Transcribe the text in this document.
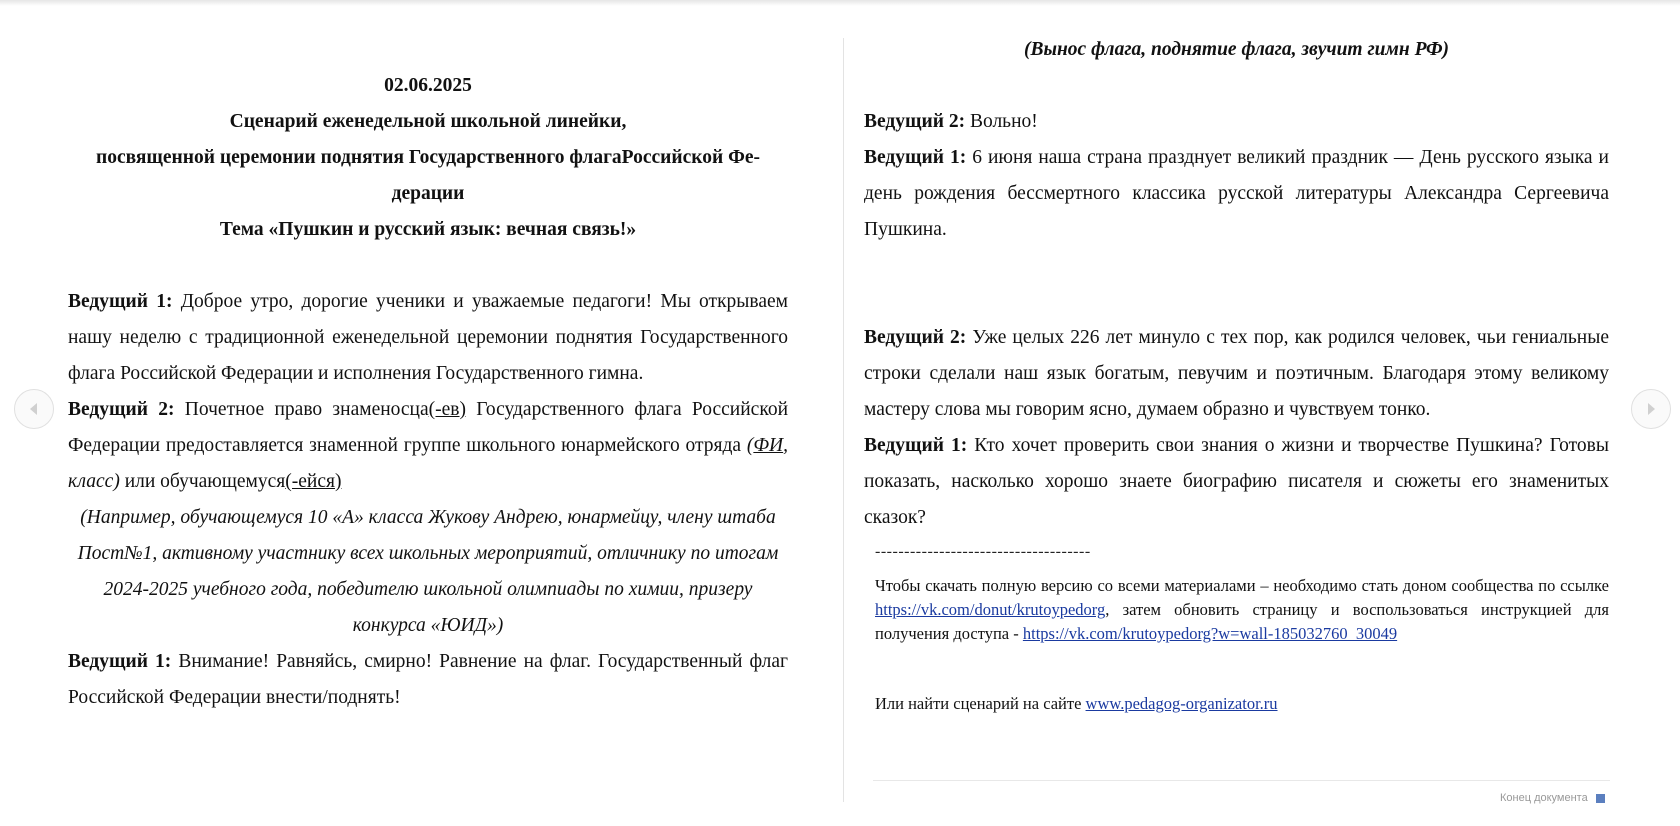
02.06.2025

Сценарий еженедельной школьной линейки,

посвященной церемонии поднятия Государственного флагаРоссийской Фе-

дерации

Тема «Пушкин и русский язык: вечная связь!»

Ведущий 1: Доброе утро, дорогие ученики и уважаемые педагоги! Мы открываем нашу неделю с традиционной еженедельной церемонии поднятия Государственного флага Российской Федерации и исполнения Государственного гимна.

Ведущий 2: Почетное право знаменосца(-ев) Государственного флага Российской Федерации предоставляется знаменной группе школьного юнармейского отряда (ФИ, класс) или обучающемуся(-ейся)

(Например, обучающемуся 10 «А» класса Жукову Андрею, юнармейцу, члену штаба Пост№1, активному участнику всех школьных мероприятий, отличнику по итогам 2024-2025 учебного года, победителю школьной олимпиады по химии, призеру конкурса «ЮИД»)

Ведущий 1: Внимание! Равняйсь, смирно! Равнение на флаг. Государственный флаг Российской Федерации внести/поднять!

(Вынос флага, поднятие флага, звучит гимн РФ)

Ведущий 2: Вольно!

Ведущий 1: 6 июня наша страна празднует великий праздник — День русского языка и день рождения бессмертного классика русской литературы Александра Сергеевича Пушкина.

Ведущий 2: Уже целых 226 лет минуло с тех пор, как родился человек, чьи гениальные строки сделали наш язык богатым, певучим и поэтичным. Благодаря этому великому мастеру слова мы говорим ясно, думаем образно и чувствуем тонко.

Ведущий 1: Кто хочет проверить свои знания о жизни и творчестве Пушкина? Готовы показать, насколько хорошо знаете биографию писателя и сюжеты его знаменитых сказок?

-------------------------------------

Чтобы скачать полную версию со всеми материалами – необходимо стать доном сообщества по ссылке https://vk.com/donut/krutoypedorg, затем обновить страницу и воспользоваться инструкцией для получения доступа - https://vk.com/krutoypedorg?w=wall-185032760_30049

Или найти сценарий на сайте www.pedagog-organizator.ru

Конец документа
